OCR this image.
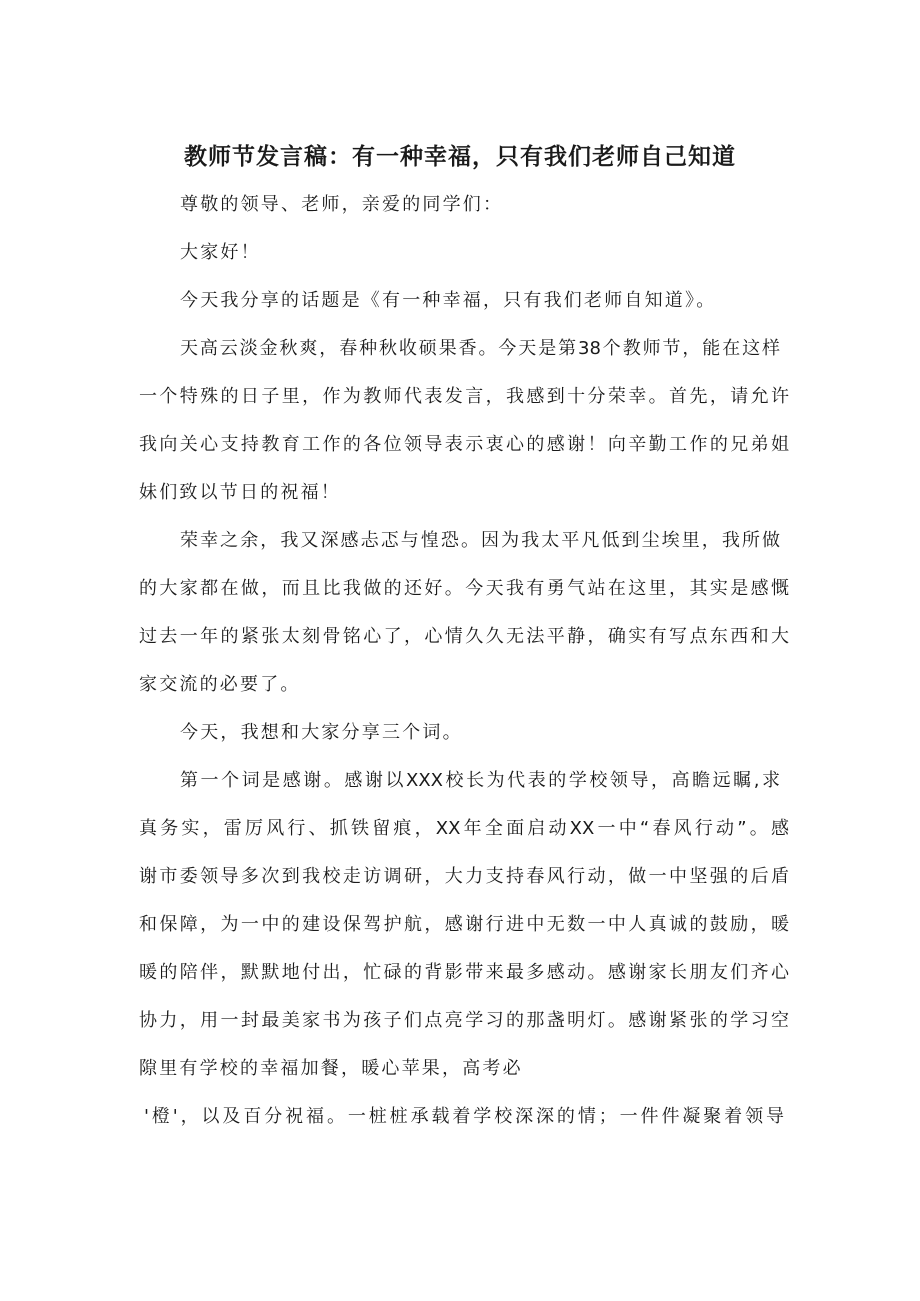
教师节发言稿：有一种幸福，只有我们老师自己知道
尊敬的领导、老师，亲爱的同学们：
大家好！
今天我分享的话题是《有一种幸福，只有我们老师自知道》。
天高云淡金秋爽，春种秋收硕果香。今天是第38个教师节，能在这样
一个特殊的日子里，作为教师代表发言，我感到十分荣幸。首先，请允许
我向关心支持教育工作的各位领导表示衷心的感谢！向辛勤工作的兄弟姐
妹们致以节日的祝福！
荣幸之余，我又深感忐忑与惶恐。因为我太平凡低到尘埃里，我所做
的大家都在做，而且比我做的还好。今天我有勇气站在这里，其实是感慨
过去一年的紧张太刻骨铭心了，心情久久无法平静，确实有写点东西和大
家交流的必要了。
今天，我想和大家分享三个词。
第一个词是感谢。感谢以XXX校长为代表的学校领导，高瞻远瞩,求
真务实，雷厉风行、抓铁留痕，XX年全面启动XX一中“春风行动”。感
谢市委领导多次到我校走访调研，大力支持春风行动，做一中坚强的后盾
和保障，为一中的建设保驾护航，感谢行进中无数一中人真诚的鼓励，暖
暖的陪伴，默默地付出，忙碌的背影带来最多感动。感谢家长朋友们齐心
协力，用一封最美家书为孩子们点亮学习的那盏明灯。感谢紧张的学习空
隙里有学校的幸福加餐，暖心苹果，高考必
'橙'，以及百分祝福。一桩桩承载着学校深深的情；一件件凝聚着领导
